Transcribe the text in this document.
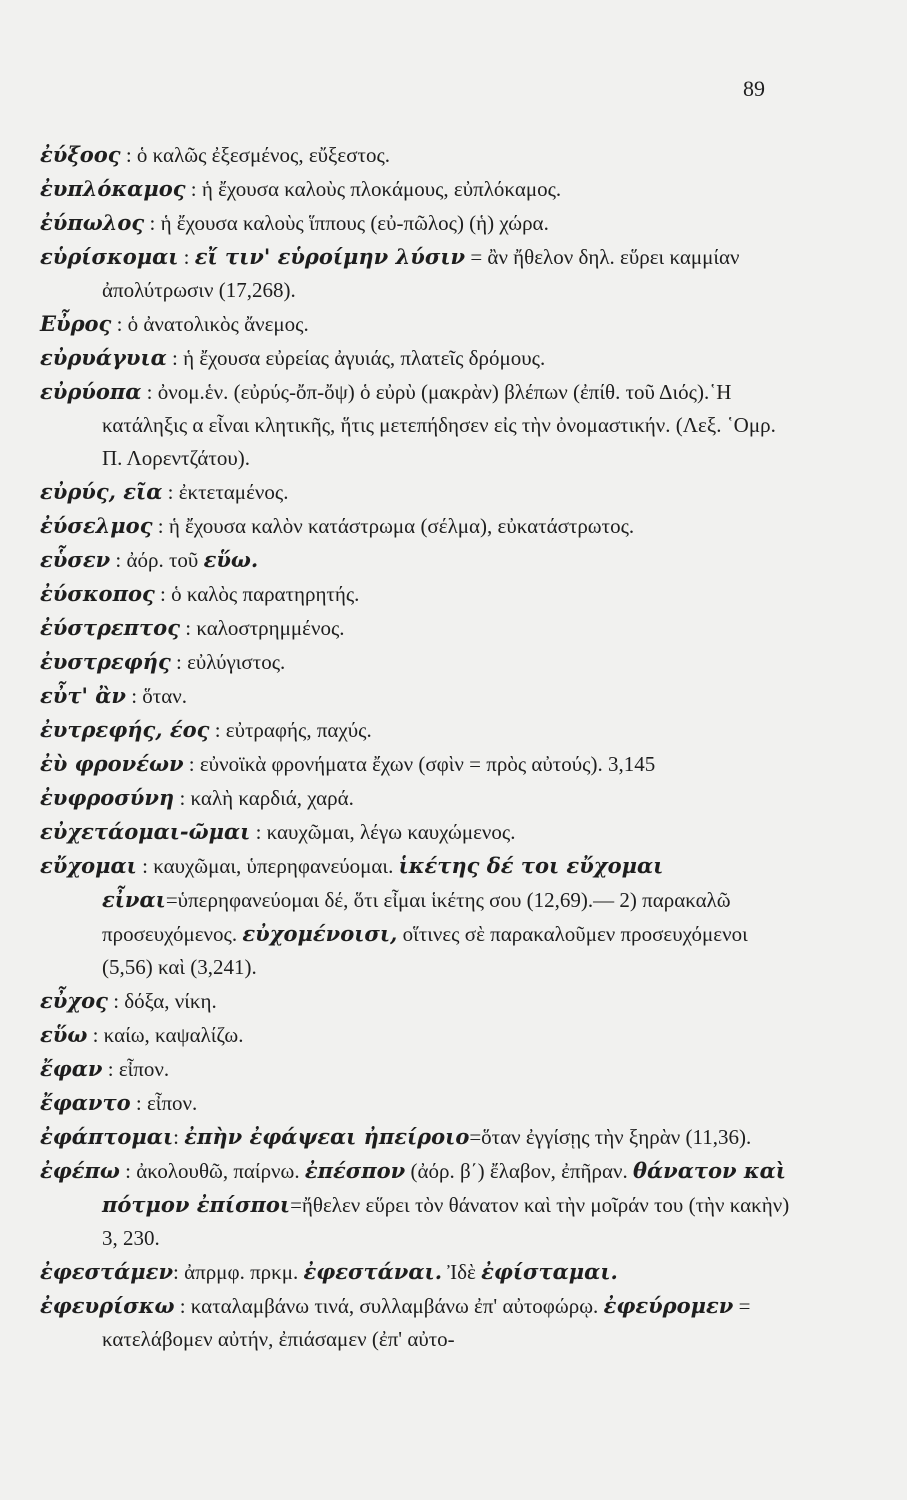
89

ἐύξοος : ὁ καλῶς ἐξεσμένος, εὔξεστος.

ἐυπλόκαμος : ἡ ἔχουσα καλοὺς πλοκάμους, εὐπλόκαμος.

ἐύπωλος : ἡ ἔχουσα καλοὺς ἵππους (εὐ-πῶλος) (ἡ) χώρα.

εὑρίσκομαι : εἴ τιν' εὑροίμην λύσιν = ἂν ἤθελον δηλ. εὕρει καμμίαν ἀπολύτρωσιν (17,268).

Εὖρος : ὁ ἀνατολικὸς ἄνεμος.

εὐρυάγυια : ἡ ἔχουσα εὐρείας ἀγυιάς, πλατεῖς δρόμους.

εὐρύοπα : ὀνομ.ἑν. (εὐρύς-ὄπ-ὄψ) ὁ εὐρὺ (μακρὰν) βλέπων (ἐπίθ. τοῦ Διός).῾Η κατάληξις α εἶναι κλητικῆς, ἥτις μετεπήδησεν εἰς τὴν ὀνομαστικήν. (Λεξ. ῾Ομρ. Π. Λορεντζάτου).

εὐρύς, εῖα : ἐκτεταμένος.

ἐύσελμος : ἡ ἔχουσα καλὸν κατάστρωμα (σέλμα), εὐκατάστρωτος.

εὗσεν : ἀόρ. τοῦ εὕω.

ἐύσκοπος : ὁ καλὸς παρατηρητής.

ἐύστρεπτος : καλοστρημμένος.

ἐυστρεφής : εὐλύγιστος.

εὖτ' ἂν : ὅταν.

ἐυτρεφής, έος : εὐτραφής, παχύς.

ἐὺ φρονέων : εὐνοϊκὰ φρονήματα ἔχων (σφὶν = πρὸς αὐτούς). 3,145

ἐυφροσύνη : καλὴ καρδιά, χαρά.

εὐχετάομαι-ῶμαι : καυχῶμαι, λέγω καυχώμενος.

εὔχομαι : καυχῶμαι, ὑπερηφανεύομαι. ἱκέτης δέ τοι εὔχομαι εἶναι=ὑπερηφανεύομαι δέ, ὅτι εἶμαι ἱκέτης σου (12,69).— 2) παρακαλῶ προσευχόμενος. εὐχομένοισι, οἵτινες σὲ παρακαλοῦμεν προσευχόμενοι (5,56) καὶ (3,241).

εὖχος : δόξα, νίκη.

εὕω : καίω, καψαλίζω.

ἔφαν : εἶπον.

ἔφαντο : εἶπον.

ἐφάπτομαι: ἐπὴν ἐφάψεαι ἠπείροιο=ὅταν ἐγγίσῃς τὴν ξηρὰν (11,36).

ἐφέπω : ἀκολουθῶ, παίρνω. ἐπέσπον (ἀόρ. β΄) ἔλαβον, ἐπῆραν. θάνατον καὶ πότμον ἐπίσποι=ἤθελεν εὕρει τὸν θάνατον καὶ τὴν μοῖράν του (τὴν κακὴν) 3, 230.

ἐφεστάμεν: ἀπρμφ. πρκμ. ἐφεστάναι. Ἰδὲ ἐφίσταμαι.

ἐφευρίσκω : καταλαμβάνω τινά, συλλαμβάνω ἐπ' αὐτοφώρῳ. ἐφεύρομεν = κατελάβομεν αὐτήν, ἐπιάσαμεν (ἐπ' αὐτο-
